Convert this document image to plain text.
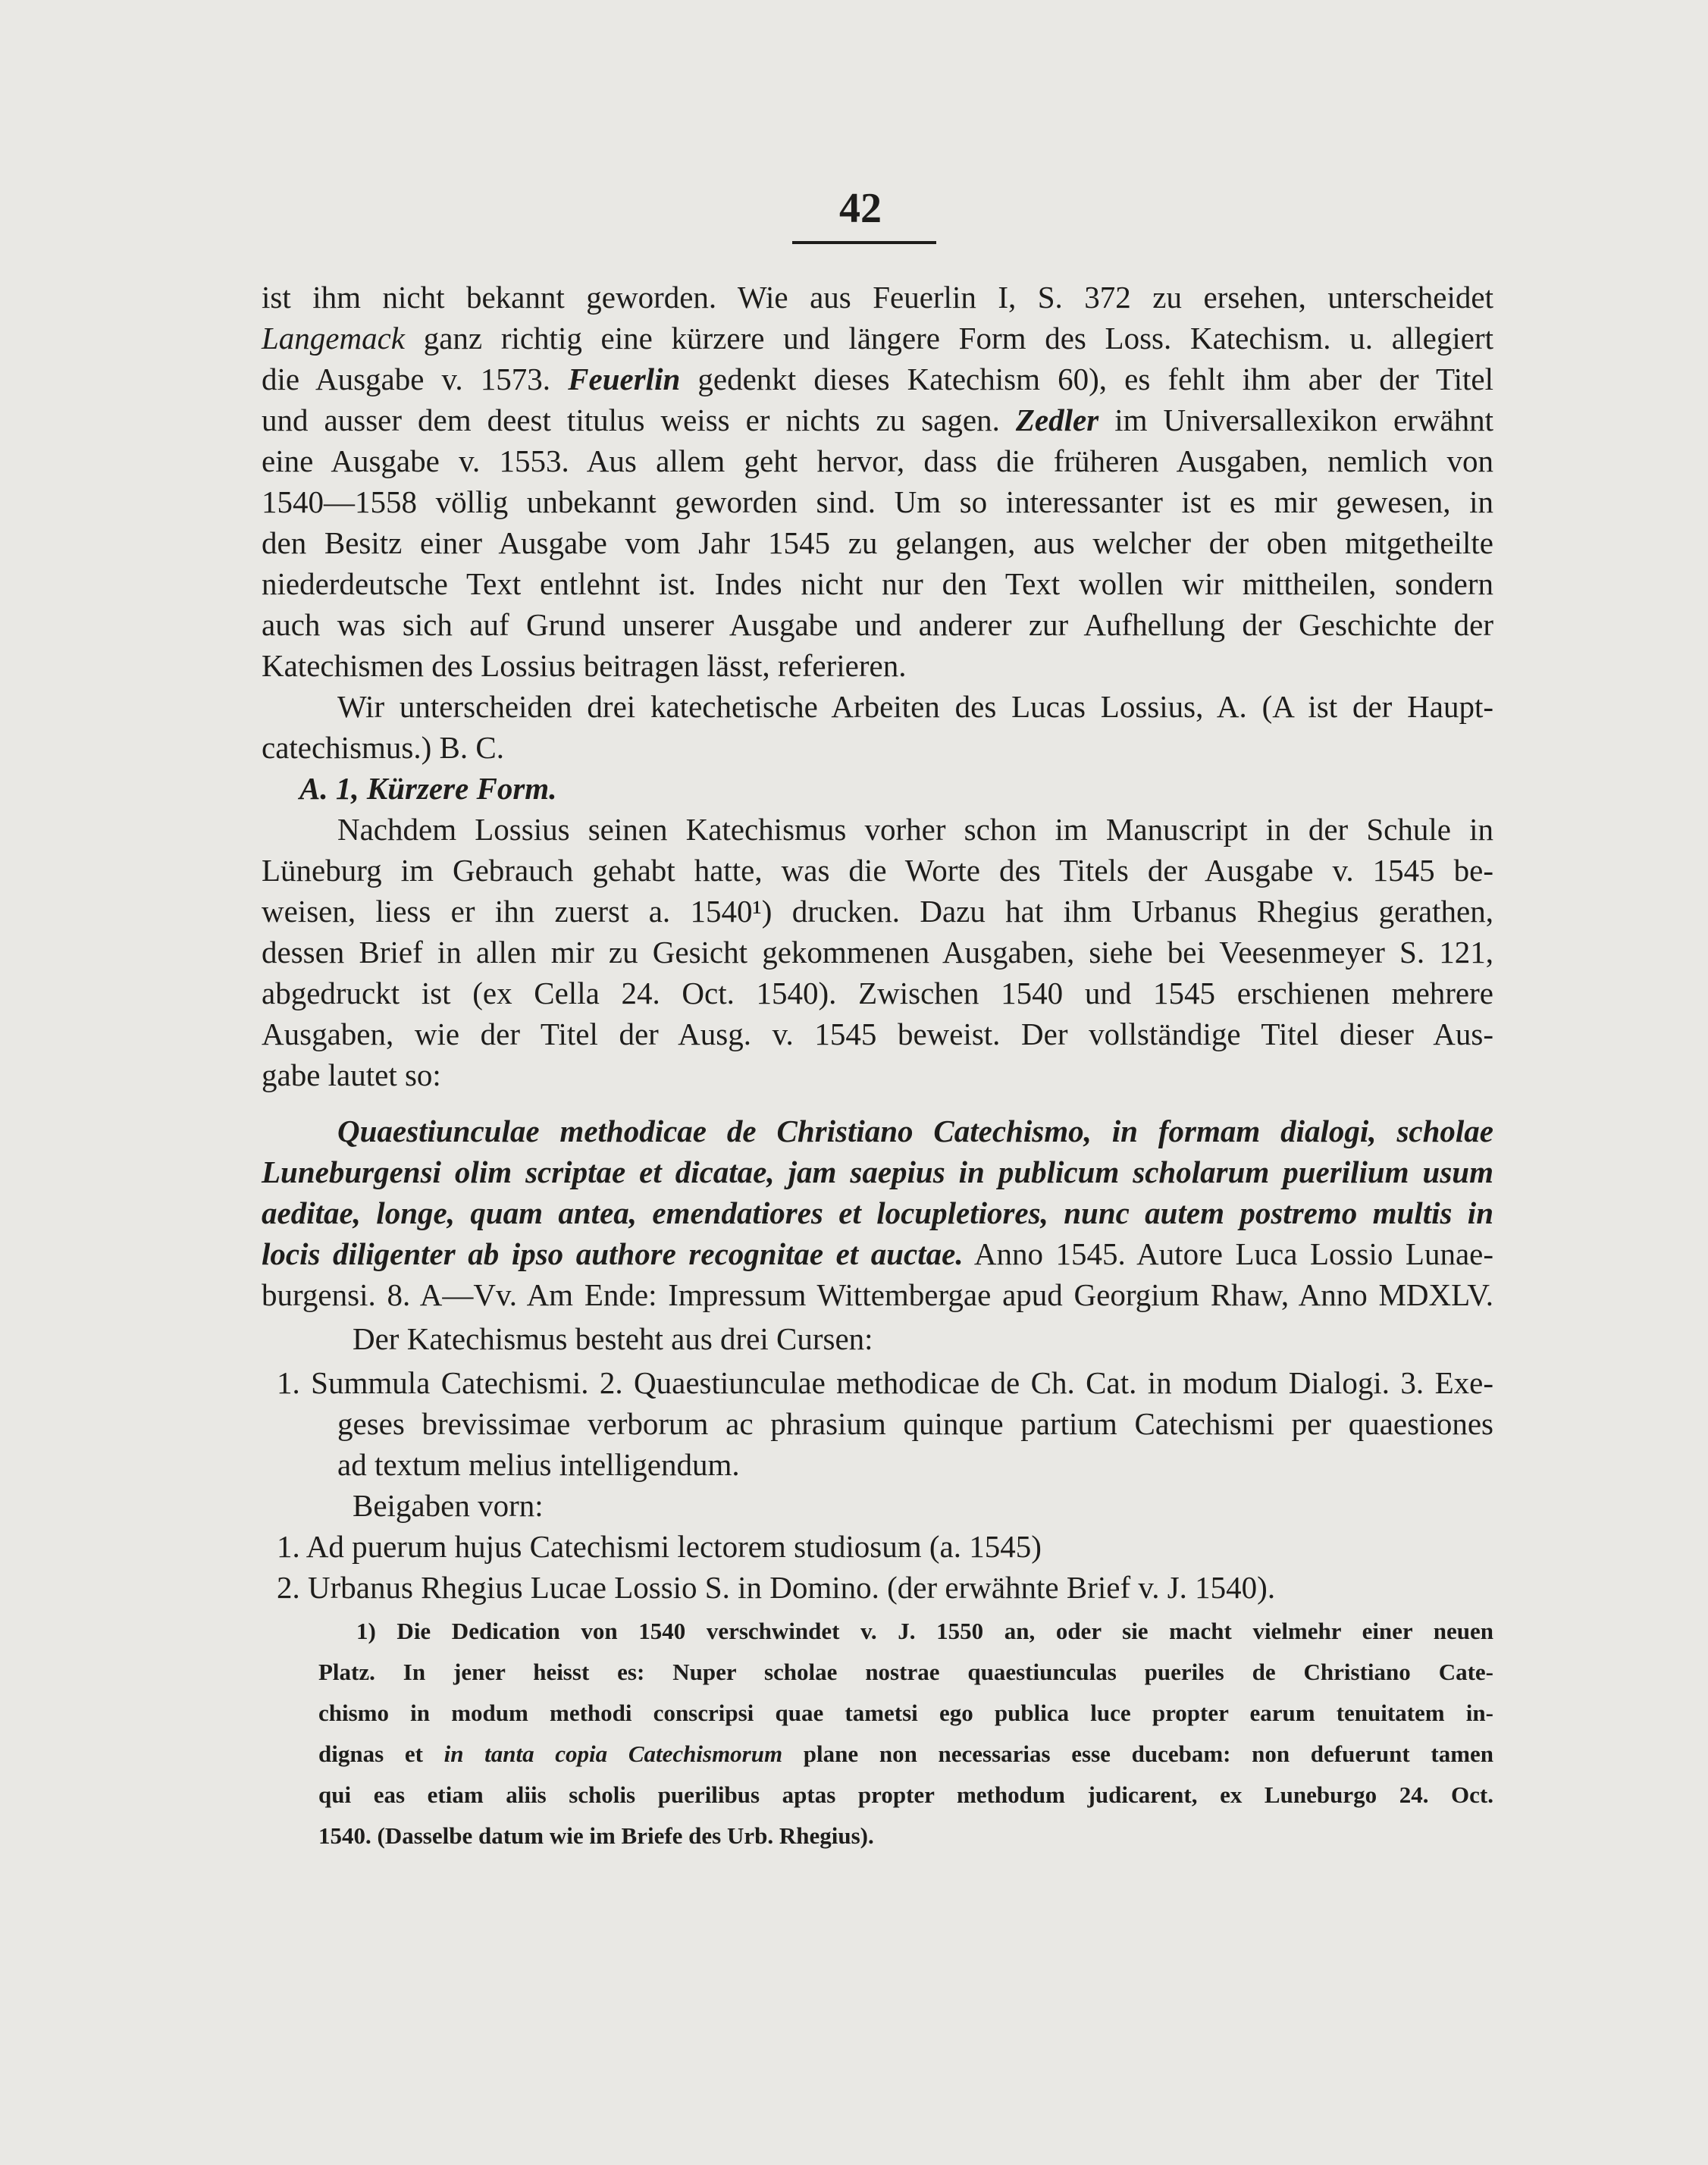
42
ist ihm nicht bekannt geworden. Wie aus Feuerlin I, S. 372 zu ersehen, unterscheidet
Langemack ganz richtig eine kürzere und längere Form des Loss. Katechism. u. allegiert
die Ausgabe v. 1573. Feuerlin gedenkt dieses Katechism 60), es fehlt ihm aber der Titel
und ausser dem deest titulus weiss er nichts zu sagen. Zedler im Universallexikon erwähnt
eine Ausgabe v. 1553. Aus allem geht hervor, dass die früheren Ausgaben, nemlich von
1540—1558 völlig unbekannt geworden sind. Um so interessanter ist es mir gewesen, in
den Besitz einer Ausgabe vom Jahr 1545 zu gelangen, aus welcher der oben mitgetheilte
niederdeutsche Text entlehnt ist. Indes nicht nur den Text wollen wir mittheilen, sondern
auch was sich auf Grund unserer Ausgabe und anderer zur Aufhellung der Geschichte der
Katechismen des Lossius beitragen lässt, referieren.
Wir unterscheiden drei katechetische Arbeiten des Lucas Lossius, A. (A ist der Haupt-
catechismus.) B. C.
A. 1, Kürzere Form.
Nachdem Lossius seinen Katechismus vorher schon im Manuscript in der Schule in
Lüneburg im Gebrauch gehabt hatte, was die Worte des Titels der Ausgabe v. 1545 be-
weisen, liess er ihn zuerst a. 1540¹) drucken. Dazu hat ihm Urbanus Rhegius gerathen,
dessen Brief in allen mir zu Gesicht gekommenen Ausgaben, siehe bei Veesenmeyer S. 121,
abgedruckt ist (ex Cella 24. Oct. 1540). Zwischen 1540 und 1545 erschienen mehrere
Ausgaben, wie der Titel der Ausg. v. 1545 beweist. Der vollständige Titel dieser Aus-
gabe lautet so:
Quaestiunculae methodicae de Christiano Catechismo, in formam dialogi, scholae
Luneburgensi olim scriptae et dicatae, jam saepius in publicum scholarum puerilium usum
aeditae, longe, quam antea, emendatiores et locupletiores, nunc autem postremo multis in
locis diligenter ab ipso authore recognitae et auctae. Anno 1545. Autore Luca Lossio Lunae-
burgensi. 8. A—Vv. Am Ende: Impressum Wittembergae apud Georgium Rhaw, Anno MDXLV.
Der Katechismus besteht aus drei Cursen:
1. Summula Catechismi. 2. Quaestiunculae methodicae de Ch. Cat. in modum Dialogi. 3. Exe-
geses brevissimae verborum ac phrasium quinque partium Catechismi per quaestiones
ad textum melius intelligendum.
Beigaben vorn:
1. Ad puerum hujus Catechismi lectorem studiosum (a. 1545)
2. Urbanus Rhegius Lucae Lossio S. in Domino. (der erwähnte Brief v. J. 1540).
1) Die Dedication von 1540 verschwindet v. J. 1550 an, oder sie macht vielmehr einer neuen
Platz. In jener heisst es: Nuper scholae nostrae quaestiunculas pueriles de Christiano Cate-
chismo in modum methodi conscripsi quae tametsi ego publica luce propter earum tenuitatem in-
dignas et in tanta copia Catechismorum plane non necessarias esse ducebam: non defuerunt tamen
qui eas etiam aliis scholis puerilibus aptas propter methodum judicarent, ex Luneburgo 24. Oct.
1540. (Dasselbe datum wie im Briefe des Urb. Rhegius).
